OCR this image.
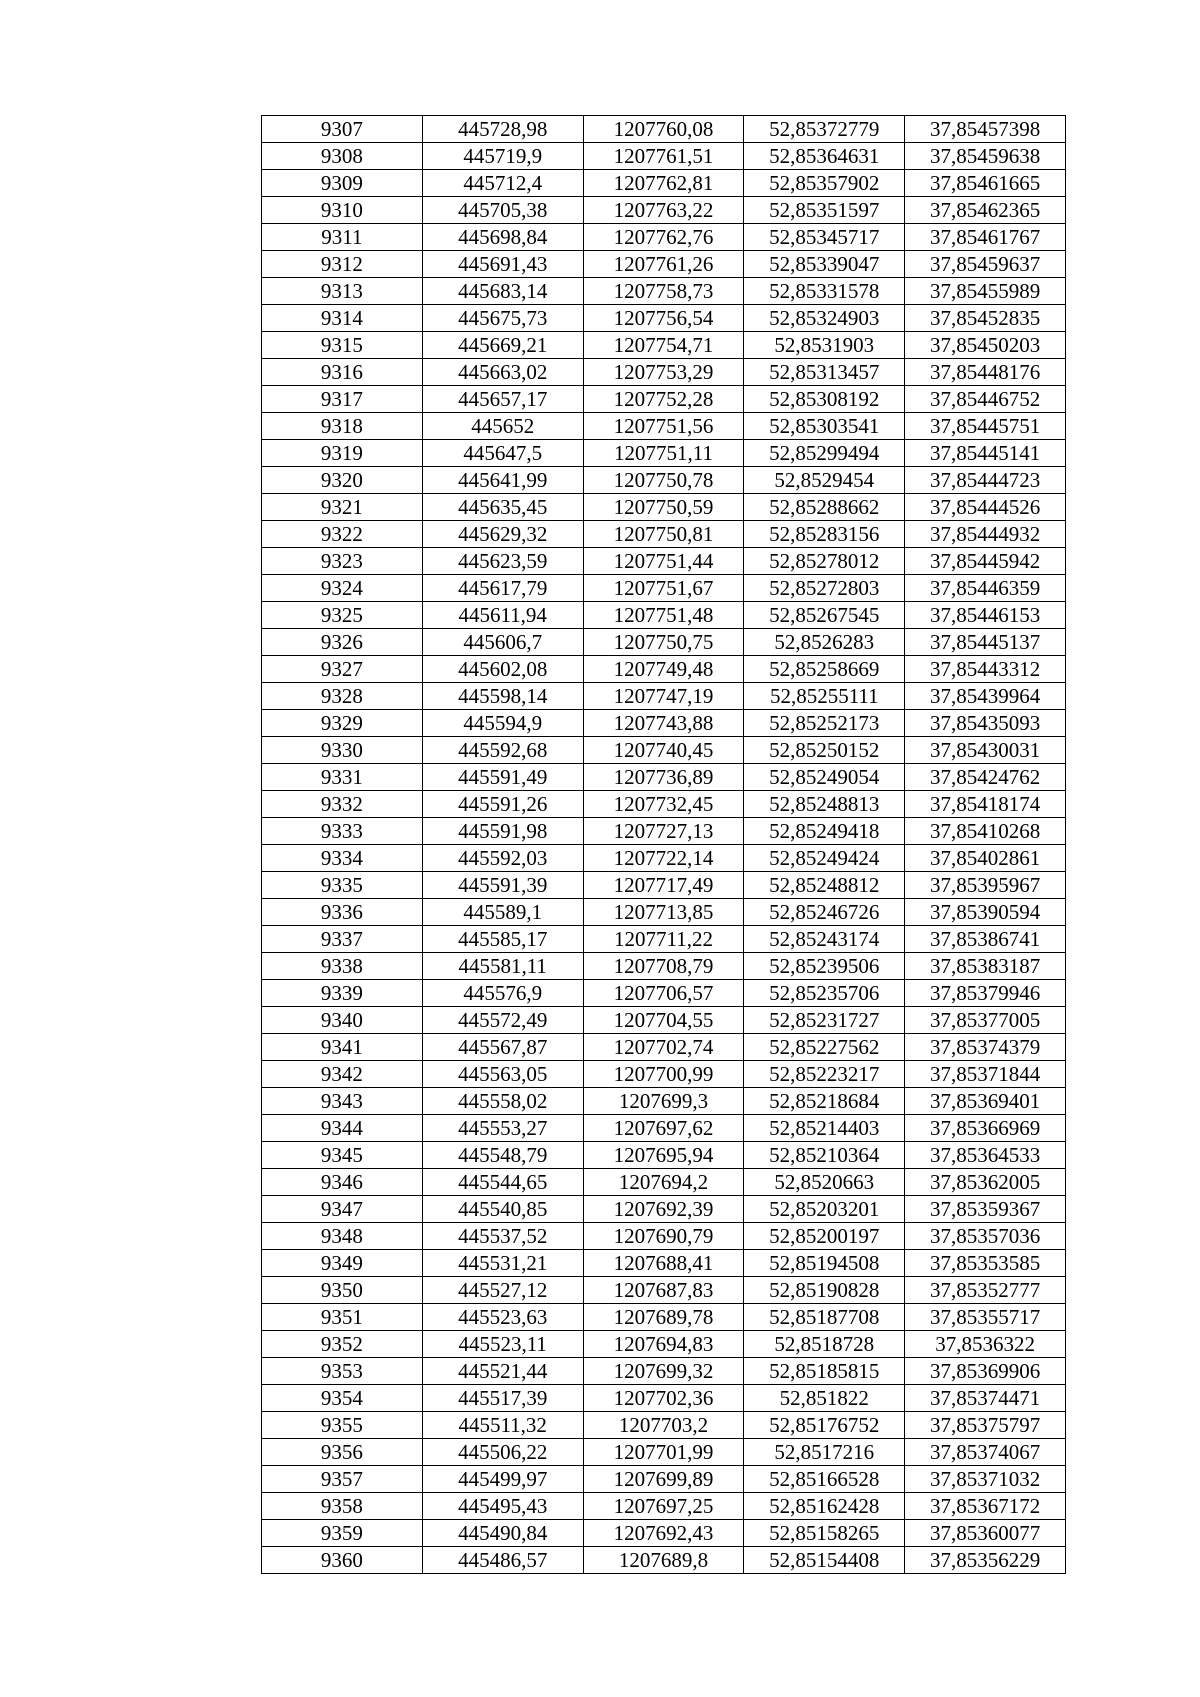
9307	445728,98	1207760,08	52,85372779	37,85457398
9308	445719,9	1207761,51	52,85364631	37,85459638
9309	445712,4	1207762,81	52,85357902	37,85461665
9310	445705,38	1207763,22	52,85351597	37,85462365
9311	445698,84	1207762,76	52,85345717	37,85461767
9312	445691,43	1207761,26	52,85339047	37,85459637
9313	445683,14	1207758,73	52,85331578	37,85455989
9314	445675,73	1207756,54	52,85324903	37,85452835
9315	445669,21	1207754,71	52,8531903	37,85450203
9316	445663,02	1207753,29	52,85313457	37,85448176
9317	445657,17	1207752,28	52,85308192	37,85446752
9318	445652	1207751,56	52,85303541	37,85445751
9319	445647,5	1207751,11	52,85299494	37,85445141
9320	445641,99	1207750,78	52,8529454	37,85444723
9321	445635,45	1207750,59	52,85288662	37,85444526
9322	445629,32	1207750,81	52,85283156	37,85444932
9323	445623,59	1207751,44	52,85278012	37,85445942
9324	445617,79	1207751,67	52,85272803	37,85446359
9325	445611,94	1207751,48	52,85267545	37,85446153
9326	445606,7	1207750,75	52,8526283	37,85445137
9327	445602,08	1207749,48	52,85258669	37,85443312
9328	445598,14	1207747,19	52,85255111	37,85439964
9329	445594,9	1207743,88	52,85252173	37,85435093
9330	445592,68	1207740,45	52,85250152	37,85430031
9331	445591,49	1207736,89	52,85249054	37,85424762
9332	445591,26	1207732,45	52,85248813	37,85418174
9333	445591,98	1207727,13	52,85249418	37,85410268
9334	445592,03	1207722,14	52,85249424	37,85402861
9335	445591,39	1207717,49	52,85248812	37,85395967
9336	445589,1	1207713,85	52,85246726	37,85390594
9337	445585,17	1207711,22	52,85243174	37,85386741
9338	445581,11	1207708,79	52,85239506	37,85383187
9339	445576,9	1207706,57	52,85235706	37,85379946
9340	445572,49	1207704,55	52,85231727	37,85377005
9341	445567,87	1207702,74	52,85227562	37,85374379
9342	445563,05	1207700,99	52,85223217	37,85371844
9343	445558,02	1207699,3	52,85218684	37,85369401
9344	445553,27	1207697,62	52,85214403	37,85366969
9345	445548,79	1207695,94	52,85210364	37,85364533
9346	445544,65	1207694,2	52,8520663	37,85362005
9347	445540,85	1207692,39	52,85203201	37,85359367
9348	445537,52	1207690,79	52,85200197	37,85357036
9349	445531,21	1207688,41	52,85194508	37,85353585
9350	445527,12	1207687,83	52,85190828	37,85352777
9351	445523,63	1207689,78	52,85187708	37,85355717
9352	445523,11	1207694,83	52,8518728	37,8536322
9353	445521,44	1207699,32	52,85185815	37,85369906
9354	445517,39	1207702,36	52,851822	37,85374471
9355	445511,32	1207703,2	52,85176752	37,85375797
9356	445506,22	1207701,99	52,8517216	37,85374067
9357	445499,97	1207699,89	52,85166528	37,85371032
9358	445495,43	1207697,25	52,85162428	37,85367172
9359	445490,84	1207692,43	52,85158265	37,85360077
9360	445486,57	1207689,8	52,85154408	37,85356229
